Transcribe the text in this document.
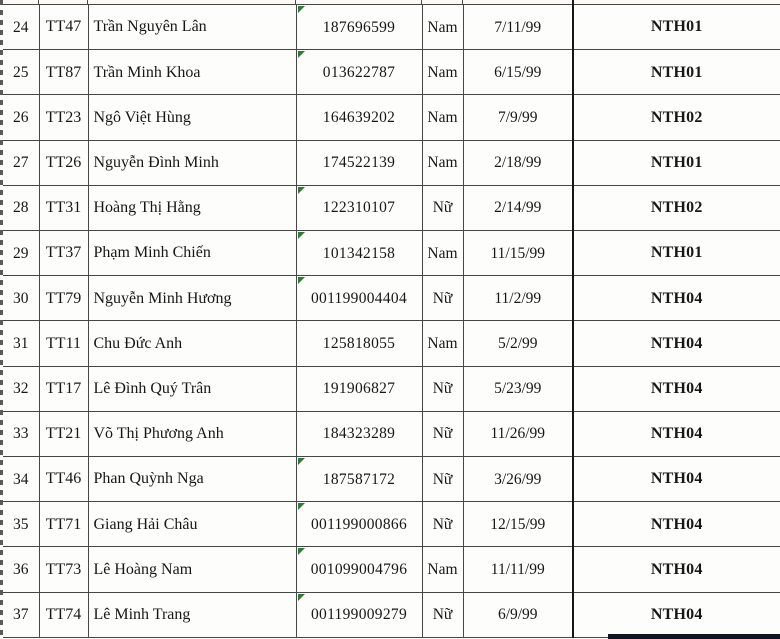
24	TT47	Trần Nguyên Lân	187696599	Nam	7/11/99	NTH01
25	TT87	Trần Minh Khoa	013622787	Nam	6/15/99	NTH01
26	TT23	Ngô Việt Hùng	164639202	Nam	7/9/99	NTH02
27	TT26	Nguyễn Đình Minh	174522139	Nam	2/18/99	NTH01
28	TT31	Hoàng Thị Hằng	122310107	Nữ	2/14/99	NTH02
29	TT37	Phạm Minh Chiến	101342158	Nam	11/15/99	NTH01
30	TT79	Nguyễn Minh Hương	001199004404	Nữ	11/2/99	NTH04
31	TT11	Chu Đức Anh	125818055	Nam	5/2/99	NTH04
32	TT17	Lê Đình Quý Trân	191906827	Nữ	5/23/99	NTH04
33	TT21	Võ Thị Phương Anh	184323289	Nữ	11/26/99	NTH04
34	TT46	Phan Quỳnh Nga	187587172	Nữ	3/26/99	NTH04
35	TT71	Giang Hải Châu	001199000866	Nữ	12/15/99	NTH04
36	TT73	Lê Hoàng Nam	001099004796	Nam	11/11/99	NTH04
37	TT74	Lê Minh Trang	001199009279	Nữ	6/9/99	NTH04
